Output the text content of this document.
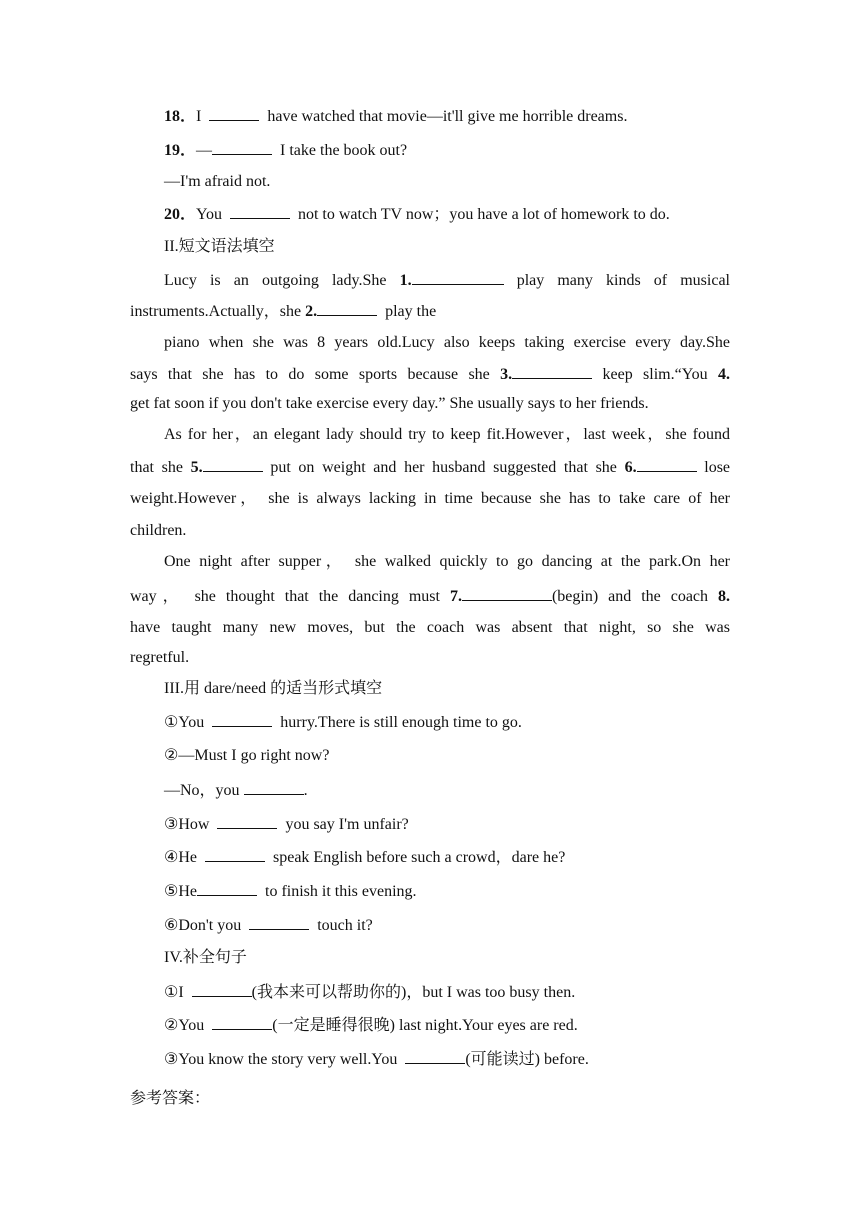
18．I	have watched that movie—it'll give me horrible dreams.
19．—	I take the book out?
—I'm afraid not.
20．You	not to watch TV now；you have a lot of homework to do.
II.短文语法填空
Lucy is an outgoing lady.She 1.	play many kinds of musical
instruments.Actually，she 2.	play the
piano when she was 8 years old.Lucy also keeps taking exercise every day.She
says that she has to do some sports because she 3.	keep slim.“You 4.
get fat soon if you don't take exercise every day.” She usually says to her friends.
As for her，an elegant lady should try to keep fit.However，last week，she found
that she 5.	put on weight and her husband suggested that she 6.	lose
weight.However， she is always lacking in time because she has to take care of her
children.
One night after supper， she walked quickly to go dancing at the park.On her
way， she thought that the dancing must 7.	(begin) and the coach 8.
have taught many new moves, but the coach was absent that night, so she was
regretful.
III.用 dare/need 的适当形式填空
①You	hurry.There is still enough time to go.
②—Must I go right now?
—No，you	.
③How	you say I'm unfair?
④He	speak English before such a crowd，dare he?
⑤He	to finish it this evening.
⑥Don't you	touch it?
IV.补全句子
①I	(我本来可以帮助你的)，but I was too busy then.
②You	(一定是睡得很晚) last night.Your eyes are red.
③You know the story very well.You	(可能读过) before.
参考答案：
